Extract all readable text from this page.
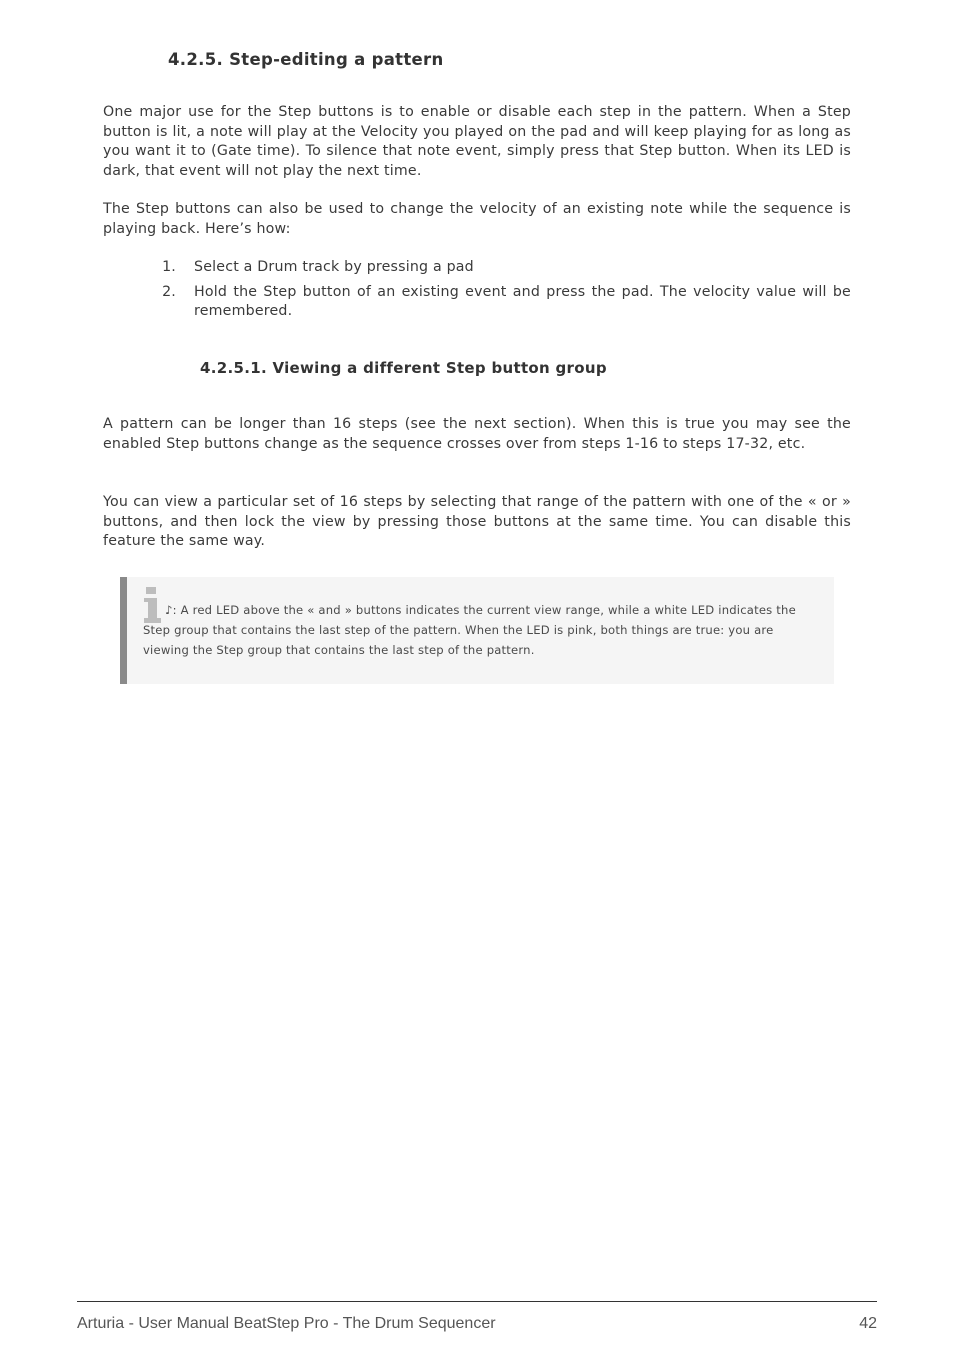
4.2.5. Step-editing a pattern

One major use for the Step buttons is to enable or disable each step in the pattern. When a Step button is lit, a note will play at the Velocity you played on the pad and will keep playing for as long as you want it to (Gate time). To silence that note event, simply press that Step button. When its LED is dark, that event will not play the next time.

The Step buttons can also be used to change the velocity of an existing note while the sequence is playing back. Here’s how:

1.	Select a Drum track by pressing a pad
2.	Hold the Step button of an existing event and press the pad. The velocity value will be remembered.
4.2.5.1. Viewing a different Step button group

A pattern can be longer than 16 steps (see the next section). When this is true you may see the enabled Step buttons change as the sequence crosses over from steps 1-16 to steps 17-32, etc.

You can view a particular set of 16 steps by selecting that range of the pattern with one of the « or » buttons, and then lock the view by pressing those buttons at the same time. You can disable this feature the same way.

♪: A red LED above the « and » buttons indicates the current view range, while a white LED indicates the Step group that contains the last step of the pattern. When the LED is pink, both things are true: you are viewing the Step group that contains the last step of the pattern.

Arturia - User Manual BeatStep Pro - The Drum Sequencer	42
